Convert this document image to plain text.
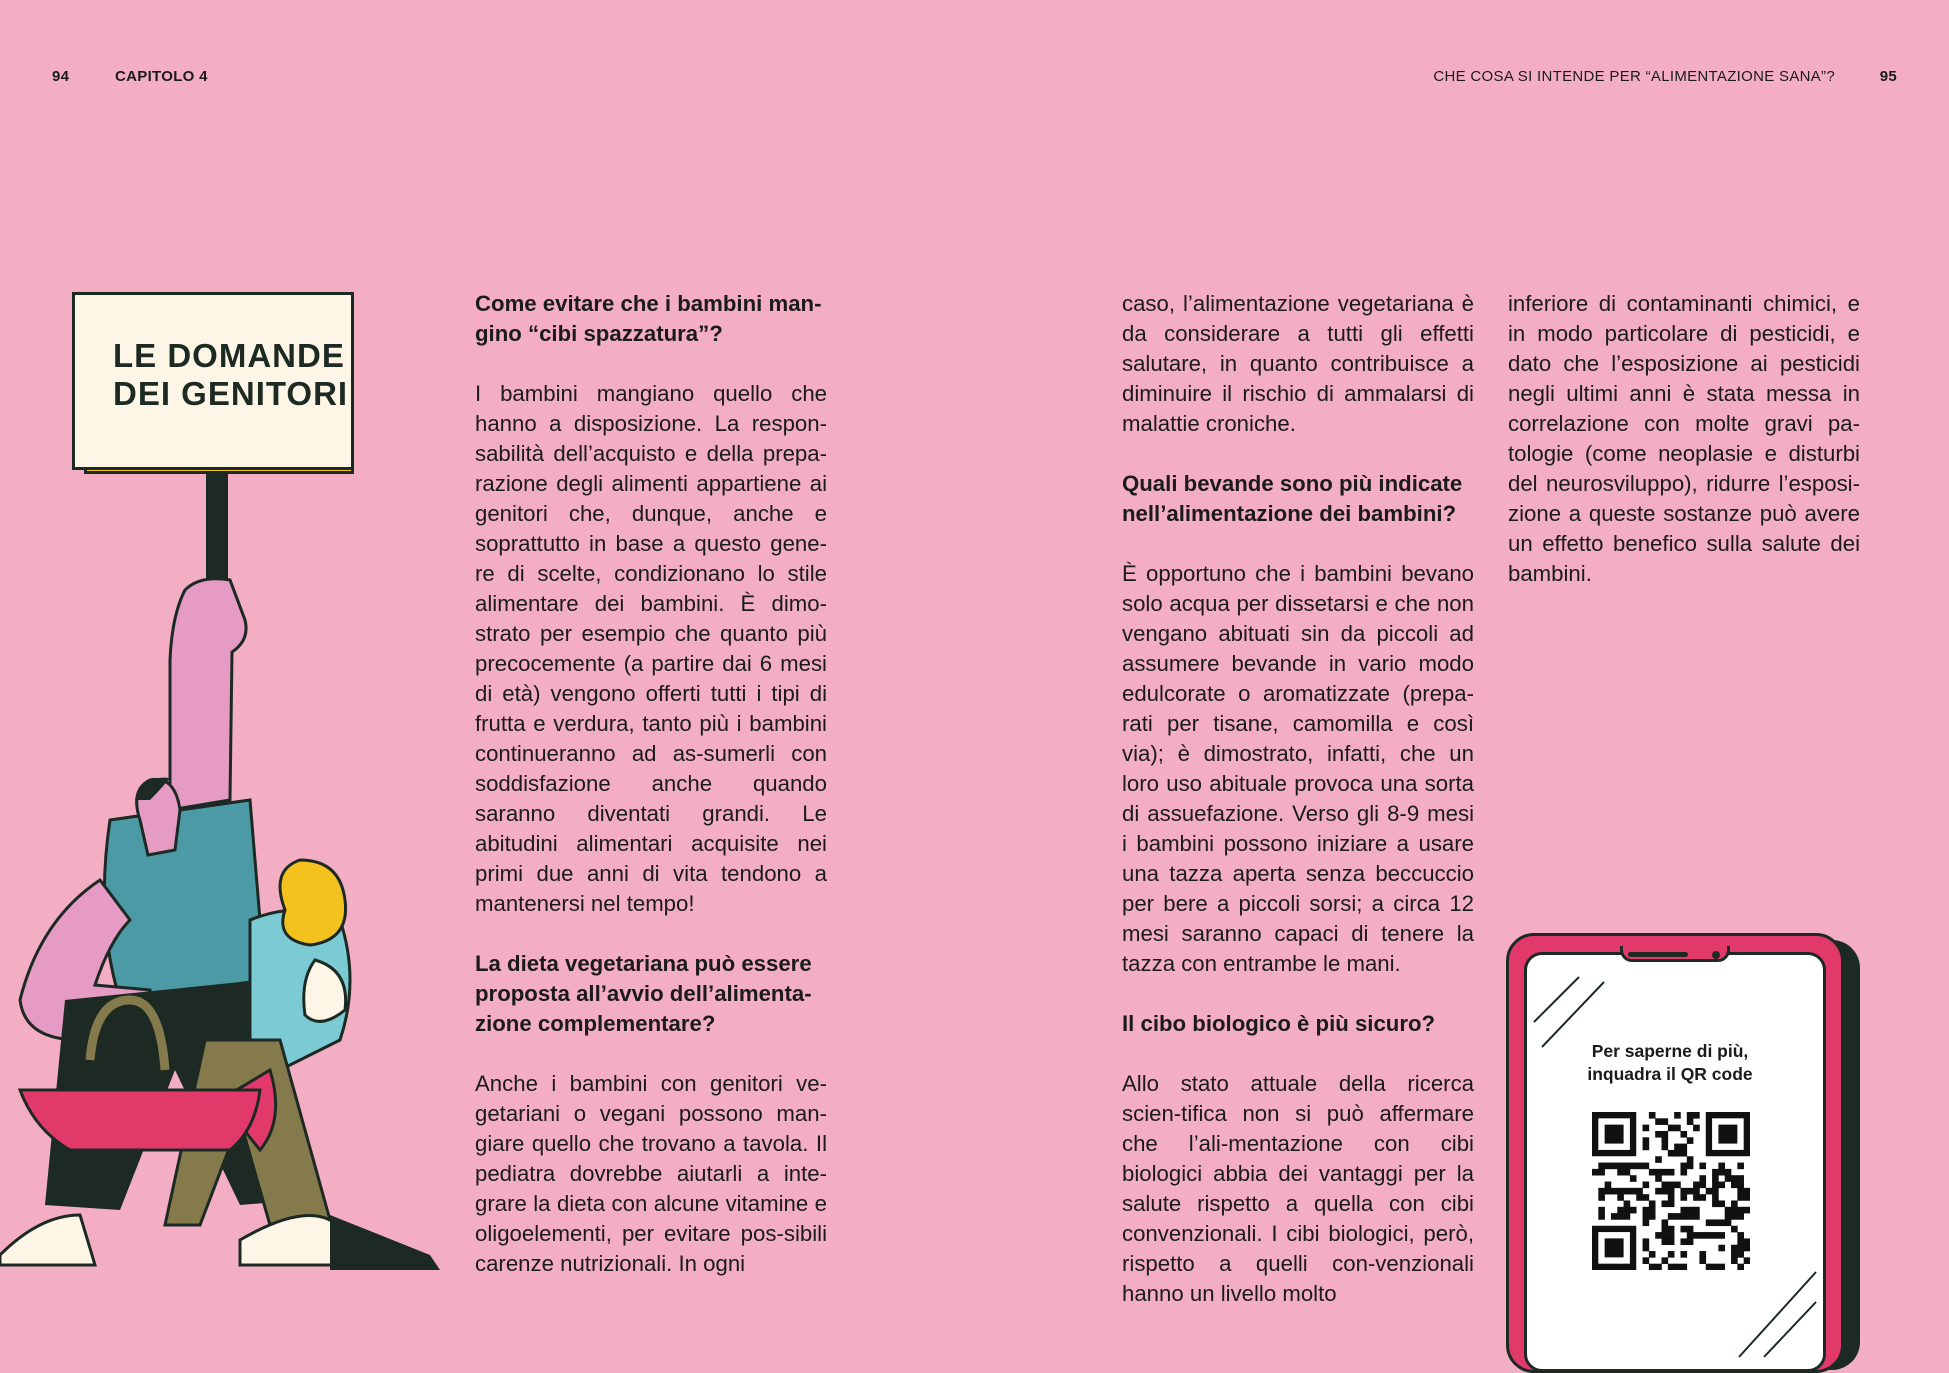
94	CAPITOLO 4	CHE COSA SI INTENDE PER “ALIMENTAZIONE SANA”?	95
LE DOMANDE
DEI GENITORI

Come evitare che i bambini man-gino “cibi spazzatura”?

I bambini mangiano quello che hanno a disposizione. La respon-sabilità dell’acquisto e della prepa-razione degli alimenti appartiene ai genitori che, dunque, anche e soprattutto in base a questo gene-re di scelte, condizionano lo stile alimentare dei bambini. È dimo-strato per esempio che quanto più precocemente (a partire dai 6 mesi di età) vengono offerti tutti i tipi di frutta e verdura, tanto più i bambini continueranno ad as-sumerli con soddisfazione anche quando saranno diventati grandi. Le abitudini alimentari acquisite nei primi due anni di vita tendono a mantenersi nel tempo!

La dieta vegetariana può essere proposta all’avvio dell’alimenta-zione complementare?

Anche i bambini con genitori ve-getariani o vegani possono man-giare quello che trovano a tavola. Il pediatra dovrebbe aiutarli a inte-grare la dieta con alcune vitamine e oligoelementi, per evitare pos-sibili carenze nutrizionali. In ogni

caso, l’alimentazione vegetariana è da considerare a tutti gli effetti salutare, in quanto contribuisce a diminuire il rischio di ammalarsi di malattie croniche.

Quali bevande sono più indicate nell’alimentazione dei bambini?

È opportuno che i bambini bevano solo acqua per dissetarsi e che non vengano abituati sin da piccoli ad assumere bevande in vario modo edulcorate o aromatizzate (prepa-rati per tisane, camomilla e così via); è dimostrato, infatti, che un loro uso abituale provoca una sorta di assuefazione. Verso gli 8-9 mesi i bambini possono iniziare a usare una tazza aperta senza beccuccio per bere a piccoli sorsi; a circa 12 mesi saranno capaci di tenere la tazza con entrambe le mani.

Il cibo biologico è più sicuro?

Allo stato attuale della ricerca scien-tifica non si può affermare che l’ali-mentazione con cibi biologici abbia dei vantaggi per la salute rispetto a quella con cibi convenzionali. I cibi biologici, però, rispetto a quelli con-venzionali hanno un livello molto

inferiore di contaminanti chimici, e in modo particolare di pesticidi, e dato che l’esposizione ai pesticidi negli ultimi anni è stata messa in correlazione con molte gravi pa-tologie (come neoplasie e disturbi del neurosviluppo), ridurre l’esposi-zione a queste sostanze può avere un effetto benefico sulla salute dei bambini.

Per saperne di più,
inquadra il QR code
